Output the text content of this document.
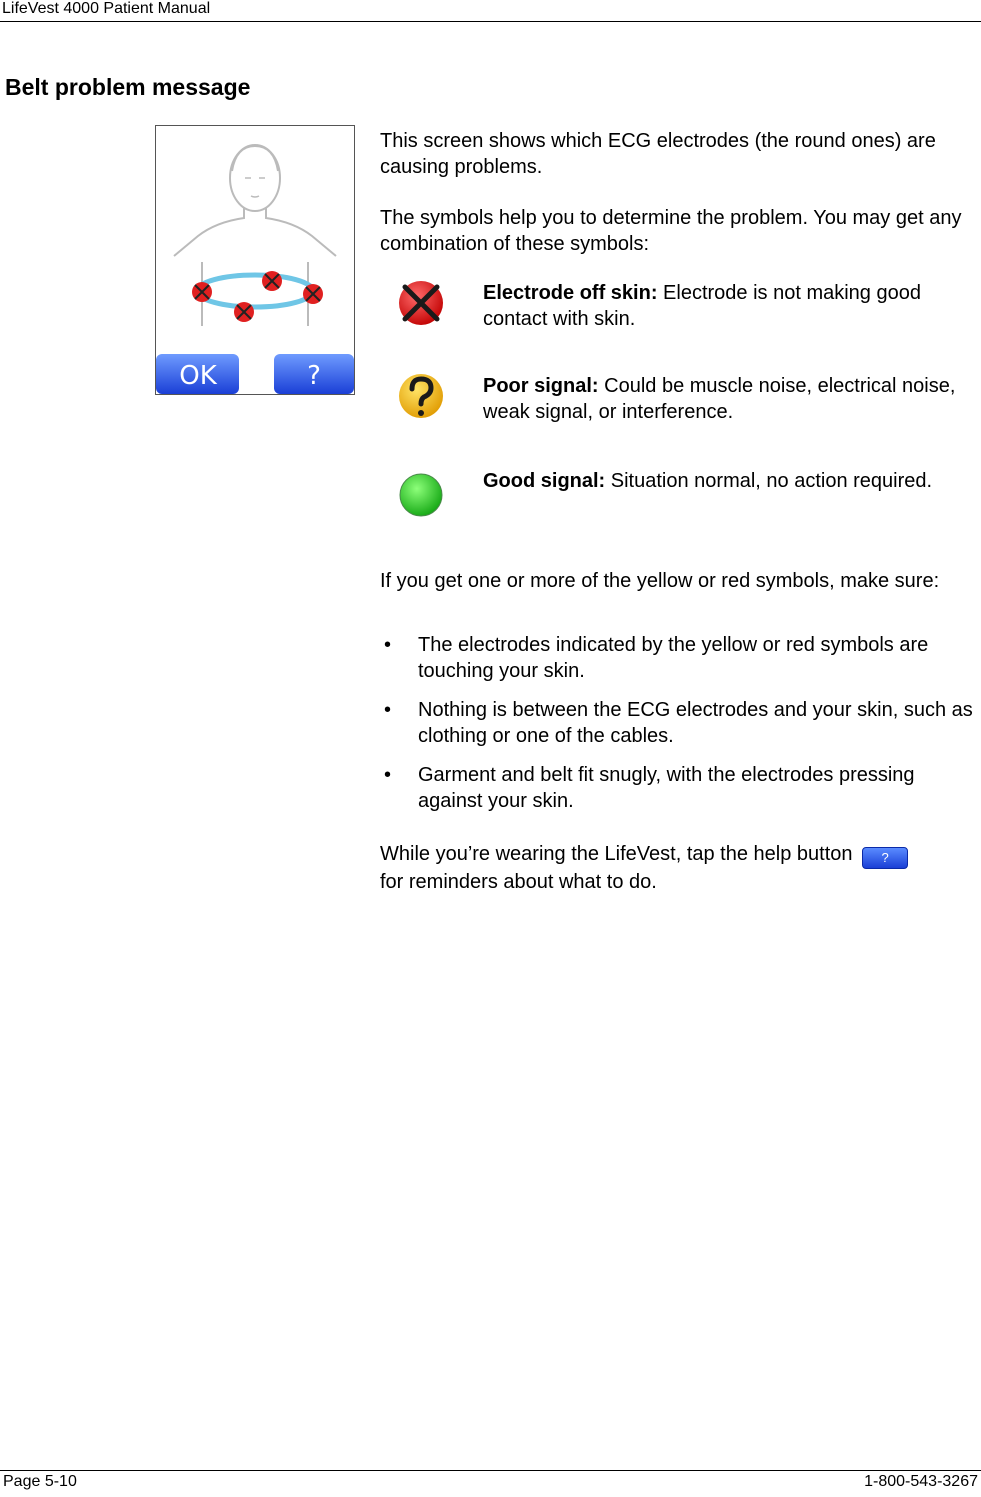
LifeVest 4000 Patient Manual
Belt problem message
OK	?
This screen shows which ECG electrodes (the round ones) are causing problems.
The symbols help you to determine the problem. You may get any combination of these symbols:
Electrode off skin: Electrode is not making good contact with skin.
Poor signal: Could be muscle noise, electrical noise, weak signal, or interference.
Good signal: Situation normal, no action required.
If you get one or more of the yellow or red symbols, make sure:
• The electrodes indicated by the yellow or red symbols are touching your skin.
• Nothing is between the ECG electrodes and your skin, such as clothing or one of the cables.
• Garment and belt fit snugly, with the electrodes pressing against your skin.
While you’re wearing the LifeVest, tap the help button ?
for reminders about what to do.
Page 5-10	1-800-543-3267
